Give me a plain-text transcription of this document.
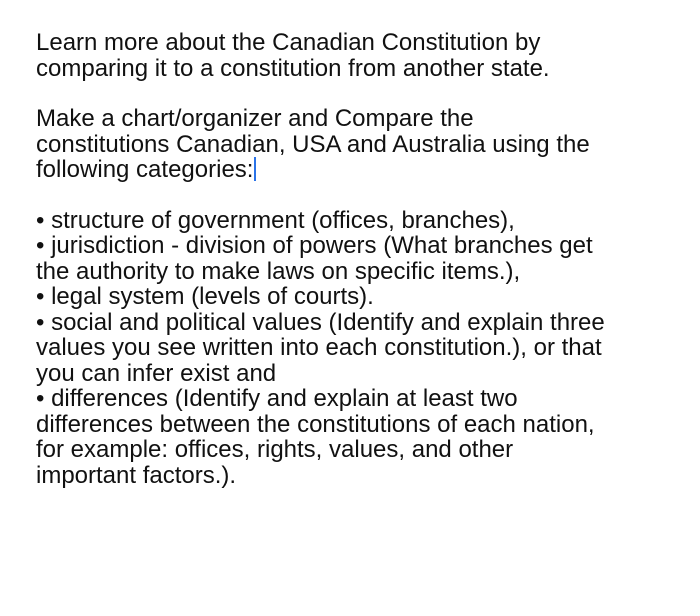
Learn more about the Canadian Constitution by

comparing it to a constitution from another state.

Make a chart/organizer and Compare the

constitutions Canadian, USA and Australia using the

following categories:

• structure of government (offices, branches),

• jurisdiction - division of powers (What branches get

the authority to make laws on specific items.),

• legal system (levels of courts).

• social and political values (Identify and explain three

values you see written into each constitution.), or that

you can infer exist and

• differences (Identify and explain at least two

differences between the constitutions of each nation,

for example: offices, rights, values, and other

important factors.).
